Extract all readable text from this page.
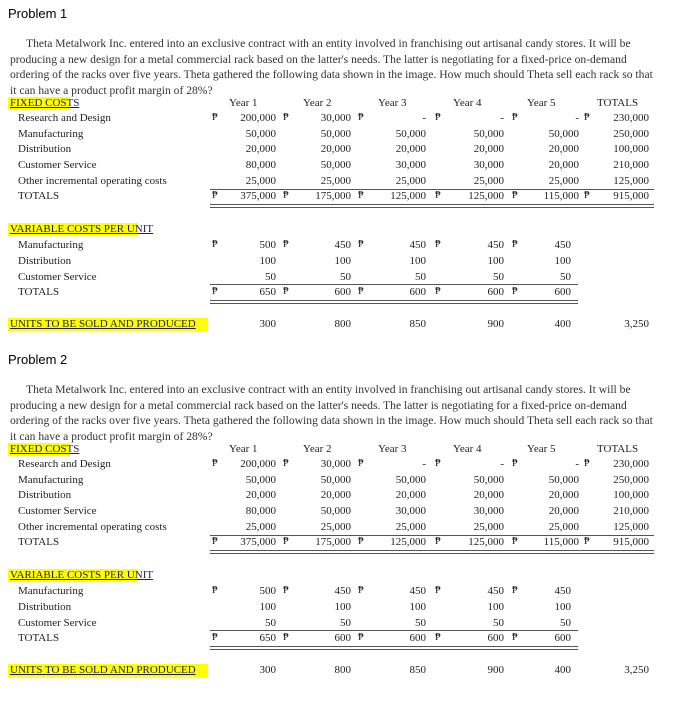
Problem 1
Theta Metalwork Inc. entered into an exclusive contract with an entity involved in franchising out artisanal candy stores. It will be producing a new design for a metal commercial rack based on the latter's needs. The latter is negotiating for a fixed-price on-demand ordering of the racks over five years. Theta gathered the following data shown in the image. How much should Theta sell each rack so that it can have a product profit margin of 28%?
FIXED COSTS	Year 1	Year 2	Year 3	Year 4	Year 5	TOTALS
Research and Design	₱ 200,000 ₱	30,000 ₱	- ₱	- ₱	- ₱ 230,000
Manufacturing	50,000	50,000	50,000	50,000	50,000	250,000
Distribution	20,000	20,000	20,000	20,000	20,000	100,000
Customer Service	80,000	50,000	30,000	30,000	20,000	210,000
Other incremental operating costs	25,000	25,000	25,000	25,000	25,000	125,000
TOTALS	₱ 375,000 ₱ 175,000 ₱ 125,000 ₱	125,000 ₱ 115,000 ₱ 915,000
VARIABLE COSTS PER UNIT
Manufacturing	₱	500 ₱	450 ₱	450 ₱	450 ₱	450
Distribution	100	100	100	100	100
Customer Service	50	50	50	50	50
TOTALS	₱	650 ₱	600 ₱	600 ₱	600 ₱	600
UNITS TO BE SOLD AND PRODUCED	300	800	850	900	400	3,250
Problem 2
Theta Metalwork Inc. entered into an exclusive contract with an entity involved in franchising out artisanal candy stores. It will be producing a new design for a metal commercial rack based on the latter's needs. The latter is negotiating for a fixed-price on-demand ordering of the racks over five years. Theta gathered the following data shown in the image. How much should Theta sell each rack so that it can have a product profit margin of 28%?
FIXED COSTS	Year 1	Year 2	Year 3	Year 4	Year 5	TOTALS
Research and Design	₱ 200,000 ₱	30,000 ₱	- ₱	- ₱	- ₱ 230,000
Manufacturing	50,000	50,000	50,000	50,000	50,000	250,000
Distribution	20,000	20,000	20,000	20,000	20,000	100,000
Customer Service	80,000	50,000	30,000	30,000	20,000	210,000
Other incremental operating costs	25,000	25,000	25,000	25,000	25,000	125,000
TOTALS	₱ 375,000 ₱ 175,000 ₱ 125,000 ₱	125,000 ₱ 115,000 ₱ 915,000
VARIABLE COSTS PER UNIT
Manufacturing	₱	500 ₱	450 ₱	450 ₱	450 ₱	450
Distribution	100	100	100	100	100
Customer Service	50	50	50	50	50
TOTALS	₱	650 ₱	600 ₱	600 ₱	600 ₱	600
UNITS TO BE SOLD AND PRODUCED	300	800	850	900	400	3,250
